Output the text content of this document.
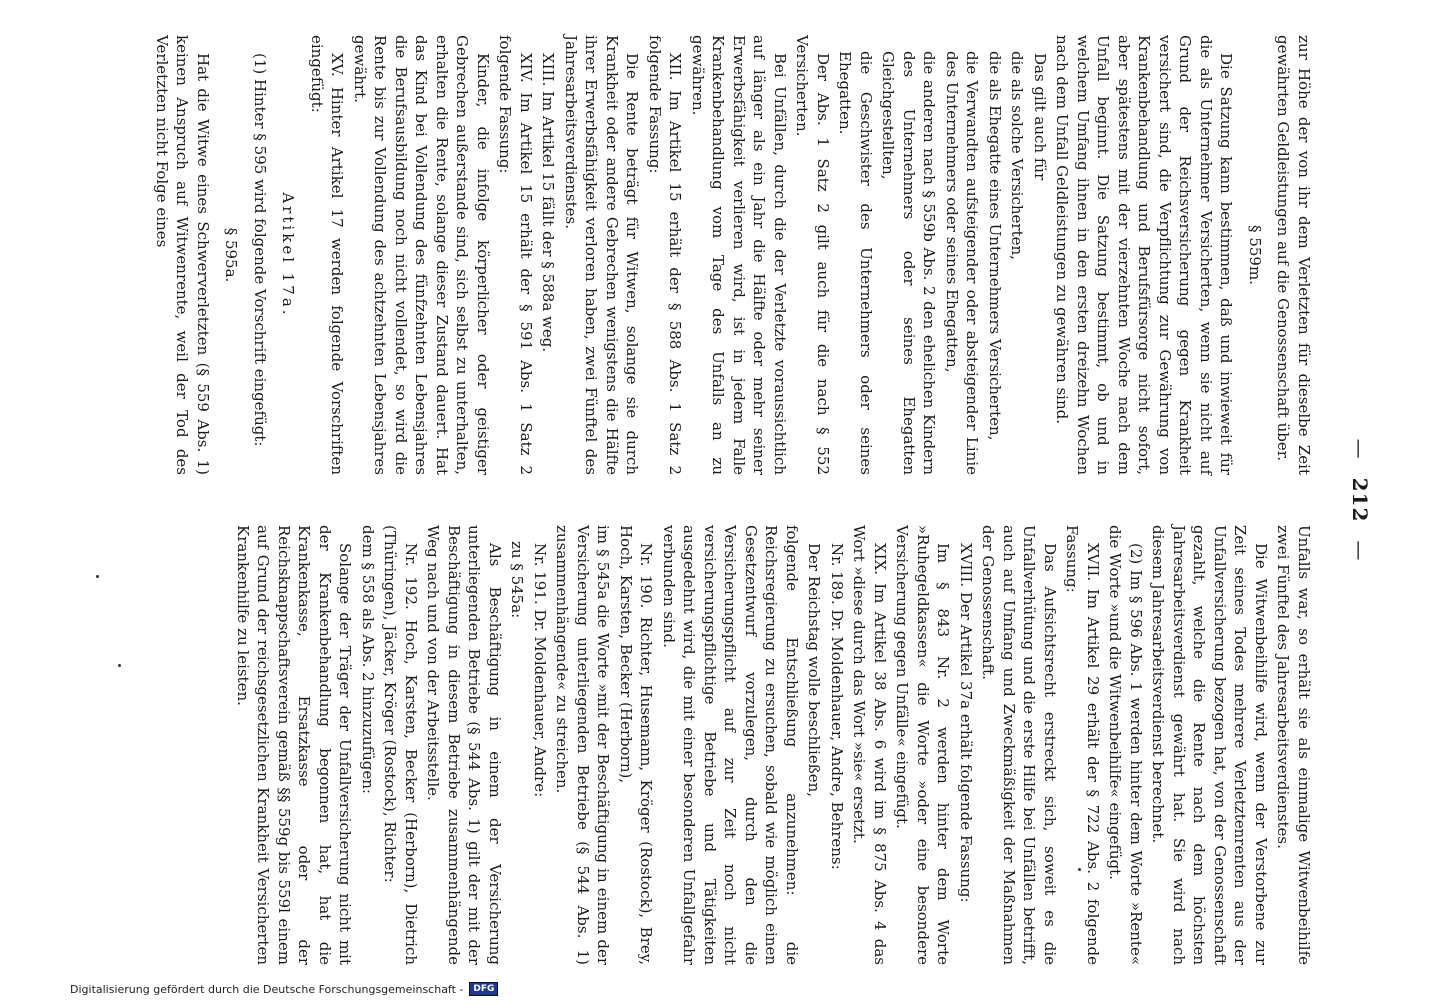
— 212 —

zur Höhe der von ihr dem Verletzten für dieselbe Zeit gewährten Geldleistungen auf die Genossenschaft über.

§ 559m.

Die Satzung kann bestimmen, daß und inwieweit für die als Unternehmer Versicherten, wenn sie nicht auf Grund der Reichsversicherung gegen Krankheit versichert sind, die Verpflichtung zur Gewährung von Krankenbehandlung und Berufsfürsorge nicht sofort, aber spätestens mit der vierzehnten Woche nach dem Unfall beginnt. Die Satzung bestimmt, ob und in welchem Umfang ihnen in den ersten dreizehn Wochen nach dem Unfall Geldleistungen zu gewähren sind.

Das gilt auch für

die als solche Versicherten,

die als Ehegatte eines Unternehmers Versicherten,

die Verwandten aufsteigender oder absteigender Linie des Unternehmers oder seines Ehegatten,

die anderen nach § 559b Abs. 2 den ehelichen Kindern des Unternehmers oder seines Ehegatten Gleichgestellten,

die Geschwister des Unternehmers oder seines Ehegatten.

Der Abs. 1 Satz 2 gilt auch für die nach § 552 Versicherten.

Bei Unfällen, durch die der Verletzte voraussichtlich auf länger als ein Jahr die Hälfte oder mehr seiner Erwerbsfähigkeit verlieren wird, ist in jedem Falle Krankenbehandlung vom Tage des Unfalls an zu gewähren.

XII. Im Artikel 15 erhält der § 588 Abs. 1 Satz 2 folgende Fassung:

Die Rente beträgt für Witwen, solange sie durch Krankheit oder andere Gebrechen wenigstens die Hälfte ihrer Erwerbsfähigkeit verloren haben, zwei Fünftel des Jahresarbeitsverdienstes.

XIII. Im Artikel 15 fällt der § 588a weg.

XIV. Im Artikel 15 erhält der § 591 Abs. 1 Satz 2 folgende Fassung:

Kinder, die infolge körperlicher oder geistiger Gebrechen außerstande sind, sich selbst zu unterhalten, erhalten die Rente, solange dieser Zustand dauert. Hat das Kind bei Vollendung des fünfzehnten Lebensjahres die Berufsausbildung noch nicht vollendet, so wird die Rente bis zur Vollendung des achtzehnten Lebensjahres gewährt.

XV. Hinter Artikel 17 werden folgende Vorschriften eingefügt:

Artikel 17a.

(1) Hinter § 595 wird folgende Vorschrift eingefügt:

§ 595a.

Hat die Witwe eines Schwerverletzten (§ 559 Abs. 1) keinen Anspruch auf Witwenrente, weil der Tod des Verletzten nicht Folge eines

Unfalls war, so erhält sie als einmalige Witwenbeihilfe zwei Fünftel des Jahresarbeitsverdienstes.

Die Witwenbeihilfe wird, wenn der Verstorbene zur Zeit seines Todes mehrere Verletztenrenten aus der Unfallversicherung bezogen hat, von der Genossenschaft gezahlt, welche die Rente nach dem höchsten Jahresarbeitsverdienst gewährt hat. Sie wird nach diesem Jahresarbeitsverdienst berechnet.

(2) Im § 596 Abs. 1 werden hinter dem Worte »Rente« die Worte »und die Witwenbeihilfe« eingefügt.

XVII. Im Artikel 29 erhält der § 722 Abs. 2 folgende Fassung:

Das Aufsichtsrecht erstreckt sich, soweit es die Unfallverhütung und die erste Hilfe bei Unfällen betrifft, auch auf Umfang und Zweckmäßigkeit der Maßnahmen der Genossenschaft.

XVIII. Der Artikel 37a erhält folgende Fassung:

Im § 843 Nr. 2 werden hinter dem Worte »Ruhegeldkassen« die Worte »oder eine besondere Versicherung gegen Unfälle« eingefügt.

XIX. Im Artikel 38 Abs. 6 wird im § 875 Abs. 4 das Wort »diese durch das Wort »sie« ersetzt.

Nr. 189. Dr. Moldenhauer, Andre, Behrens:

Der Reichstag wolle beschließen,

folgende Entschließung anzunehmen: die Reichsregierung zu ersuchen, sobald wie möglich einen Gesetzentwurf vorzulegen, durch den die Versicherungspflicht auf zur Zeit noch nicht versicherungspflichtige Betriebe und Tätigkeiten ausgedehnt wird, die mit einer besonderen Unfallgefahr verbunden sind.

Nr. 190. Richter, Husemann, Kröger (Rostock), Brey, Hoch, Karsten, Becker (Herborn),

im § 545a die Worte »mit der Beschäftigung in einem der Versicherung unterliegenden Betriebe (§ 544 Abs. 1) zusammenhängende« zu streichen.

Nr. 191. Dr. Moldenhauer, Andre:

zu § 545a:

Als Beschäftigung in einem der Versicherung unterliegenden Betriebe (§ 544 Abs. 1) gilt der mit der Beschäftigung in diesem Betriebe zusammenhängende Weg nach und von der Arbeitsstelle.

Nr. 192. Hoch, Karsten, Becker (Herborn), Dietrich (Thüringen), Jäcker, Kröger (Rostock), Richter:

dem § 558 als Abs. 2 hinzuzufügen:

Solange der Träger der Unfallversicherung nicht mit der Krankenbehandlung begonnen hat, hat die Krankenkasse, Ersatzkasse oder der Reichsknappschaftsverein gemäß §§ 559g bis 559l einem auf Grund der reichsgesetzlichen Krankheit Versicherten Krankenhilfe zu leisten.

Digitalisierung gefördert durch die Deutsche Forschungsgemeinschaft -	DFG
